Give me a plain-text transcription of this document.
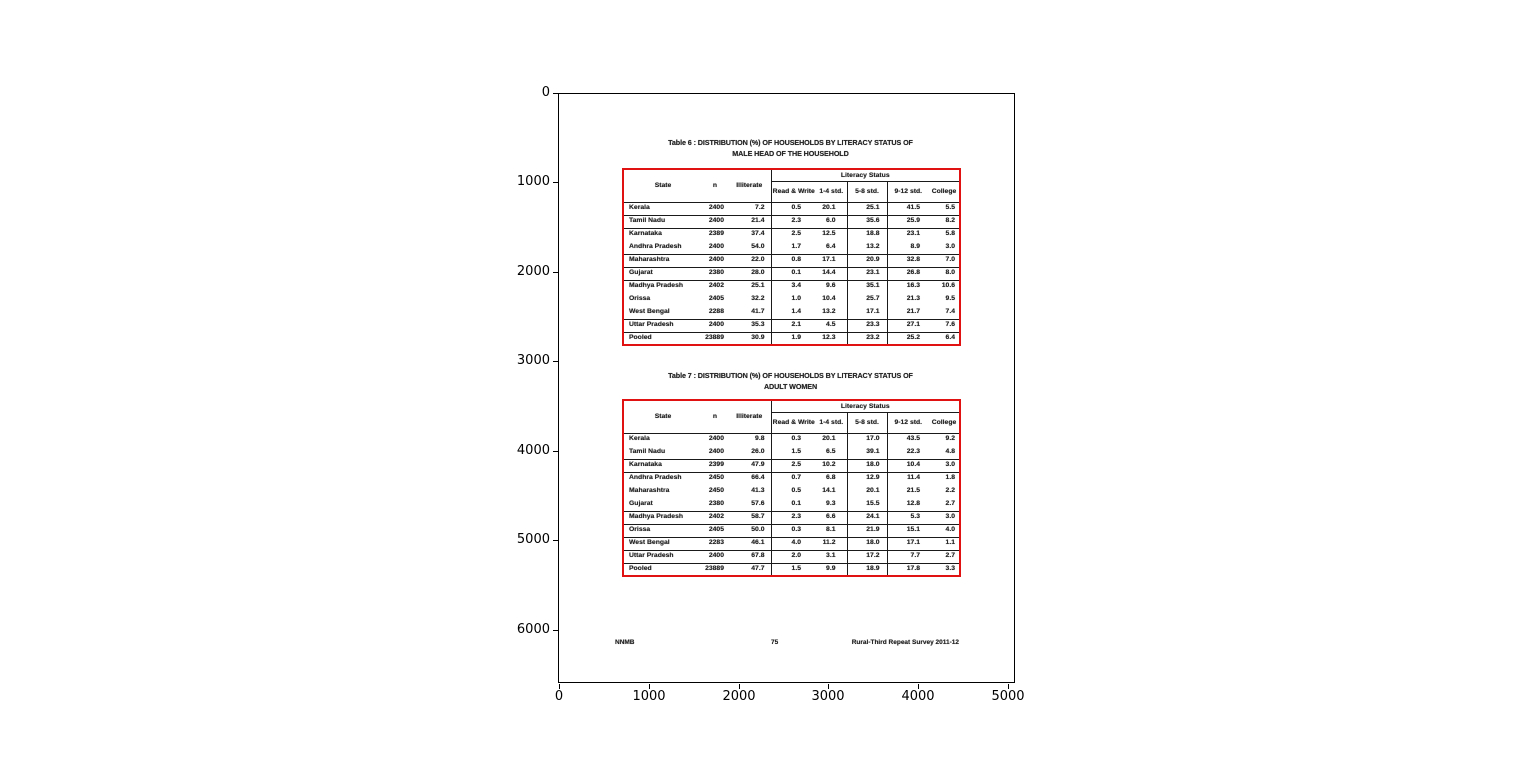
0
1000
2000
3000
4000
5000
6000
0	1000	2000	3000	4000	5000
Table 6 : DISTRIBUTION (%) OF HOUSEHOLDS BY LITERACY STATUS OF
MALE HEAD OF THE HOUSEHOLD
State	n	Illiterate	Literacy Status				
			Read & Write	1-4 std.	5-8 std.	9-12 std.	College
Kerala	2400	7.2	0.5	20.1	25.1	41.5	5.5
Tamil Nadu	2400	21.4	2.3	6.0	35.6	25.9	8.2
Karnataka	2389	37.4	2.5	12.5	18.8	23.1	5.8
Andhra Pradesh	2400	54.0	1.7	6.4	13.2	8.9	3.0
Maharashtra	2400	22.0	0.8	17.1	20.9	32.8	7.0
Gujarat	2380	28.0	0.1	14.4	23.1	26.8	8.0
Madhya Pradesh	2402	25.1	3.4	9.6	35.1	16.3	10.6
Orissa	2405	32.2	1.0	10.4	25.7	21.3	9.5
West Bengal	2288	41.7	1.4	13.2	17.1	21.7	7.4
Uttar Pradesh	2400	35.3	2.1	4.5	23.3	27.1	7.6
Pooled	23889	30.9	1.9	12.3	23.2	25.2	6.4
Table 7 : DISTRIBUTION (%) OF HOUSEHOLDS BY LITERACY STATUS OF
ADULT WOMEN
State	n	Illiterate	Literacy Status				
			Read & Write	1-4 std.	5-8 std.	9-12 std.	College
Kerala	2400	9.8	0.3	20.1	17.0	43.5	9.2
Tamil Nadu	2400	26.0	1.5	6.5	39.1	22.3	4.8
Karnataka	2399	47.9	2.5	10.2	18.0	10.4	3.0
Andhra Pradesh	2450	66.4	0.7	6.8	12.9	11.4	1.8
Maharashtra	2450	41.3	0.5	14.1	20.1	21.5	2.2
Gujarat	2380	57.6	0.1	9.3	15.5	12.8	2.7
Madhya Pradesh	2402	58.7	2.3	6.6	24.1	5.3	3.0
Orissa	2405	50.0	0.3	8.1	21.9	15.1	4.0
West Bengal	2283	46.1	4.0	11.2	18.0	17.1	1.1
Uttar Pradesh	2400	67.8	2.0	3.1	17.2	7.7	2.7
Pooled	23889	47.7	1.5	9.9	18.9	17.8	3.3
NNMB	75	Rural-Third Repeat Survey 2011-12
